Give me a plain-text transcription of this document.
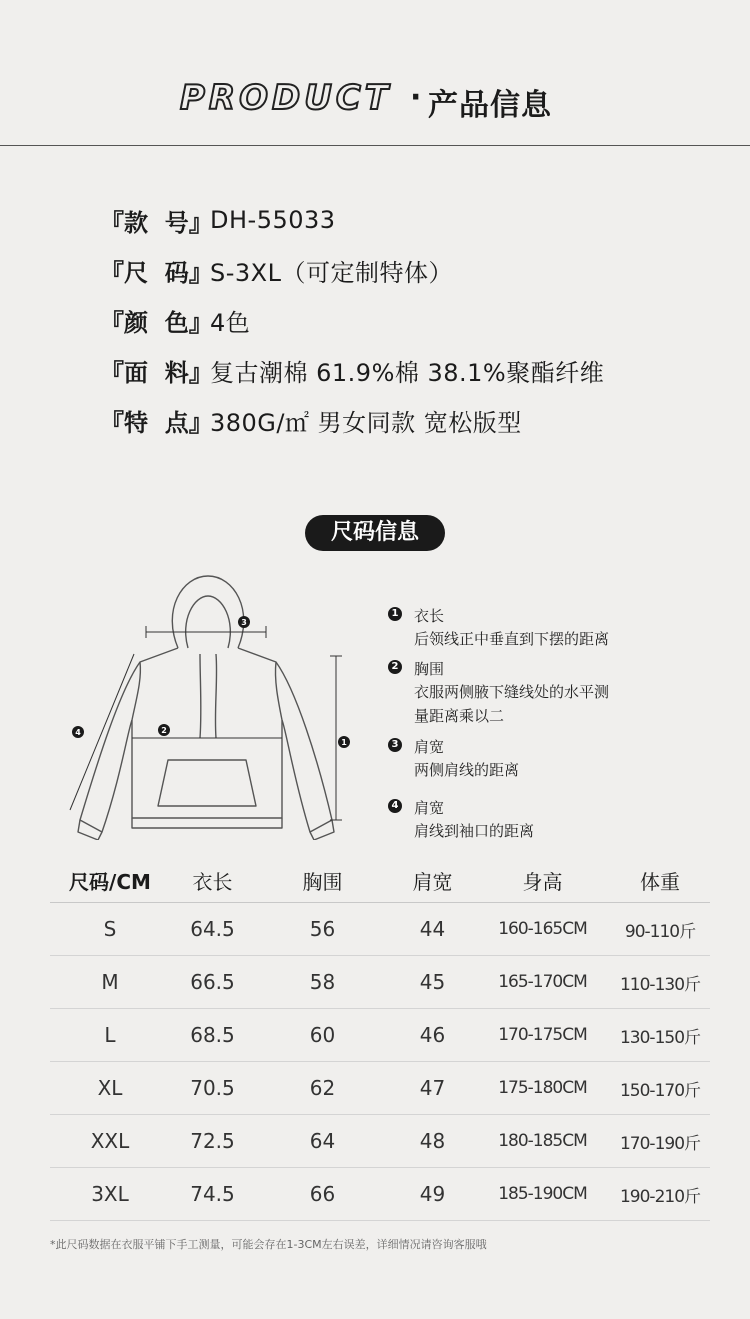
PRODUCT · 产品信息
『款  号』
DH-55033
『尺  码』
S-3XL（可定制特体）
『颜  色』
4色
『面  料』
复古潮棉 61.9%棉 38.1%聚酯纤维
『特  点』
380G/㎡ 男女同款 宽松版型
尺码信息
3
2
1
4
1 衣长
后领线正中垂直到下摆的距离
2 胸围
衣服两侧腋下缝线处的水平测
量距离乘以二
3 肩宽
两侧肩线的距离
4 肩宽
肩线到袖口的距离
尺码/CM	衣长	胸围	肩宽	身高	体重
S	64.5	56	44	160-165CM	90-110斤
M	66.5	58	45	165-170CM	110-130斤
L	68.5	60	46	170-175CM	130-150斤
XL	70.5	62	47	175-180CM	150-170斤
XXL	72.5	64	48	180-185CM	170-190斤
3XL	74.5	66	49	185-190CM	190-210斤
*此尺码数据在衣服平铺下手工测量，可能会存在1-3CM左右误差，详细情况请咨询客服哦
